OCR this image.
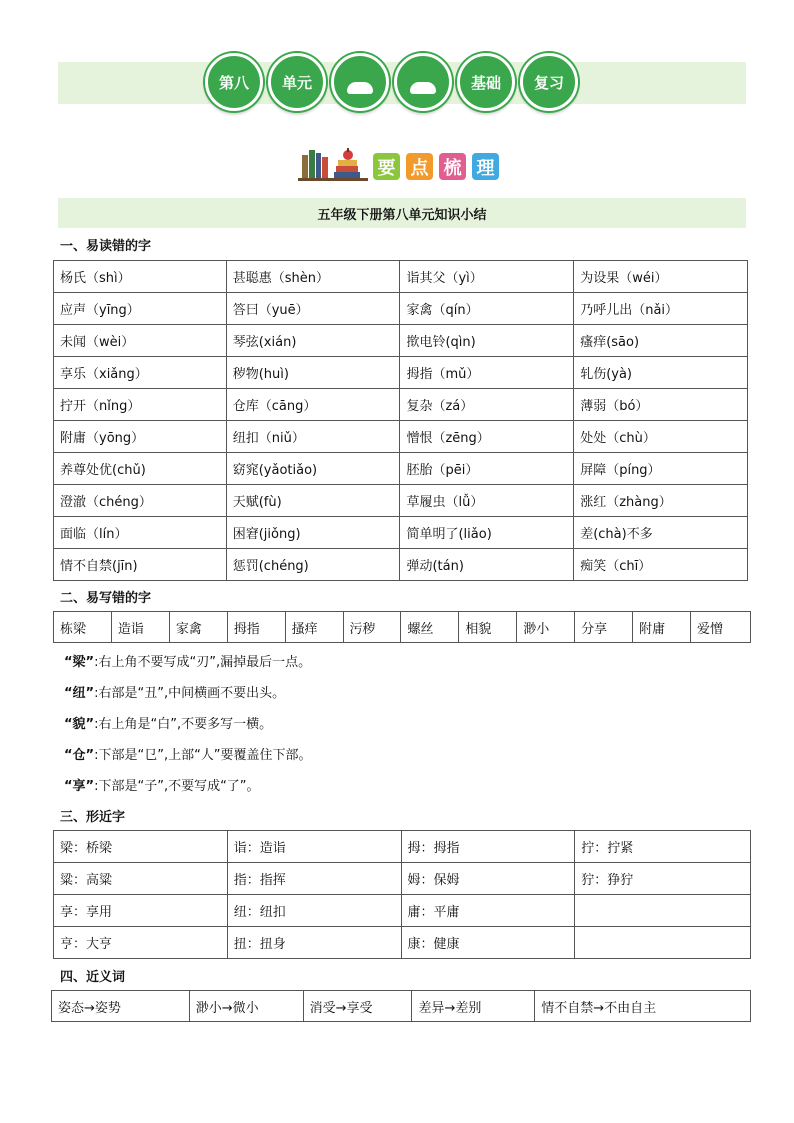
第八 单元	基础 复习
要 点 梳 理
五年级下册第八单元知识小结
一、易读错的字
杨氏（shì）	甚聪惠（shèn）	诣其父（yì）	为设果（wéi）
应声（yīng）	答曰（yuē）	家禽（qín）	乃呼儿出（nǎi）
未闻（wèi）	琴弦(xián)	揿电铃(qìn)	瘙痒(sāo)
享乐（xiǎng）	秽物(huì)	拇指（mǔ）	轧伤(yà)
拧开（nǐng）	仓库（cāng）	复杂（zá）	薄弱（bó）
附庸（yōng）	纽扣（niǔ）	憎恨（zēng）	处处（chù）
养尊处优(chǔ)	窈窕(yǎotiǎo)	胚胎（pēi）	屏障（píng）
澄澈（chéng）	天赋(fù)	草履虫（lǚ）	涨红（zhàng）
面临（lín）	困窘(jiǒng)	简单明了(liǎo)	差(chà)不多
情不自禁(jīn)	惩罚(chéng)	弹动(tán)	痴笑（chī）
二、易写错的字
栋梁	造诣	家禽	拇指	搔痒	污秽	螺丝	相貌	渺小	分享	附庸	爱憎
“梁”:右上角不要写成“刃”,漏掉最后一点。
“纽”:右部是“丑”,中间横画不要出头。
“貌”:右上角是“白”,不要多写一横。
“仓”:下部是“㔾”,上部“人”要覆盖住下部。
“享”:下部是“子”,不要写成“了”。
三、形近字
梁：桥梁	诣：造诣	拇：拇指	拧：拧紧
粱：高粱	指：指挥	姆：保姆	狞：狰狞
享：享用	纽：纽扣	庸：平庸	
亨：大亨	扭：扭身	康：健康	
四、近义词
姿态→姿势	渺小→微小	消受→享受	差异→差别	情不自禁→不由自主
